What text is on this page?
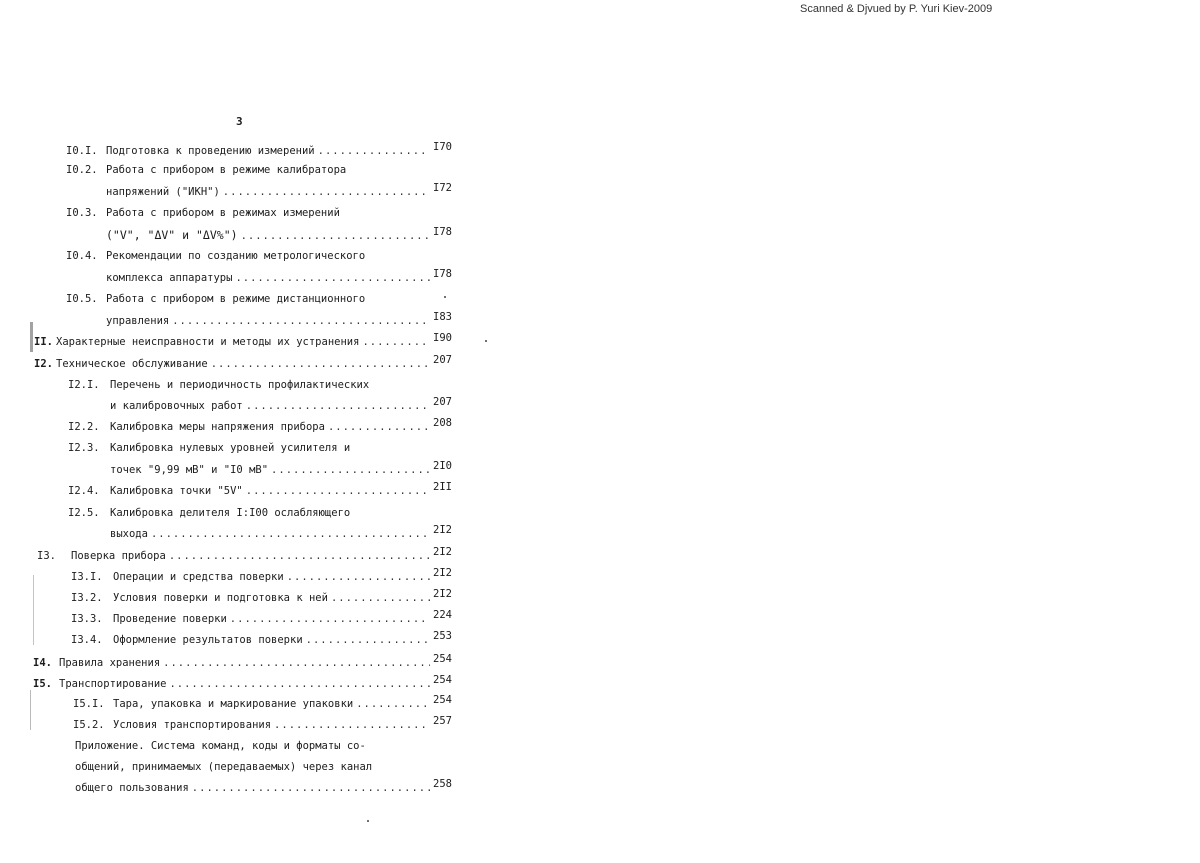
Scanned & Djvued by P. Yuri Kiev-2009
3
I0.I. Подготовка к проведению измерений .....	I70
I0.2. Работа с прибором в режиме калибратора
напряжений ("ИКН") .....	I72
I0.3. Работа с прибором в режимах измерений
("V", "ΔV" и "ΔV%") .....	I78
I0.4. Рекомендации по созданию метрологического
комплекса аппаратуры .....	I78
I0.5. Работа с прибором в режиме дистанционного
управления .....	I83
II. Характерные неисправности и методы их устранения .....	I90
I2. Техническое обслуживание .....	207
I2.I. Перечень и периодичность профилактических
и калибровочных работ .....	207
I2.2. Калибровка меры напряжения прибора .....	208
I2.3. Калибровка нулевых уровней усилителя и
точек "9,99 мВ" и "I0 мВ" .....	2I0
I2.4. Калибровка точки "5V" .....	2II
I2.5. Калибровка делителя I:I00 ослабляющего
выхода .....	2I2
I3.	Поверка прибора .....	2I2
I3.I. Операции и средства поверки .....	2I2
I3.2. Условия поверки и подготовка к ней .....	2I2
I3.3. Проведение поверки .....	224
I3.4. Оформление результатов поверки .....	253
I4. Правила хранения .....	254
I5. Транспортирование .....	254
I5.I. Тара, упаковка и маркирование упаковки .....	254
I5.2. Условия транспортирования .....	257
Приложение. Система команд, коды и форматы со-
общений, принимаемых (передаваемых) через канал
общего пользования .....	258
